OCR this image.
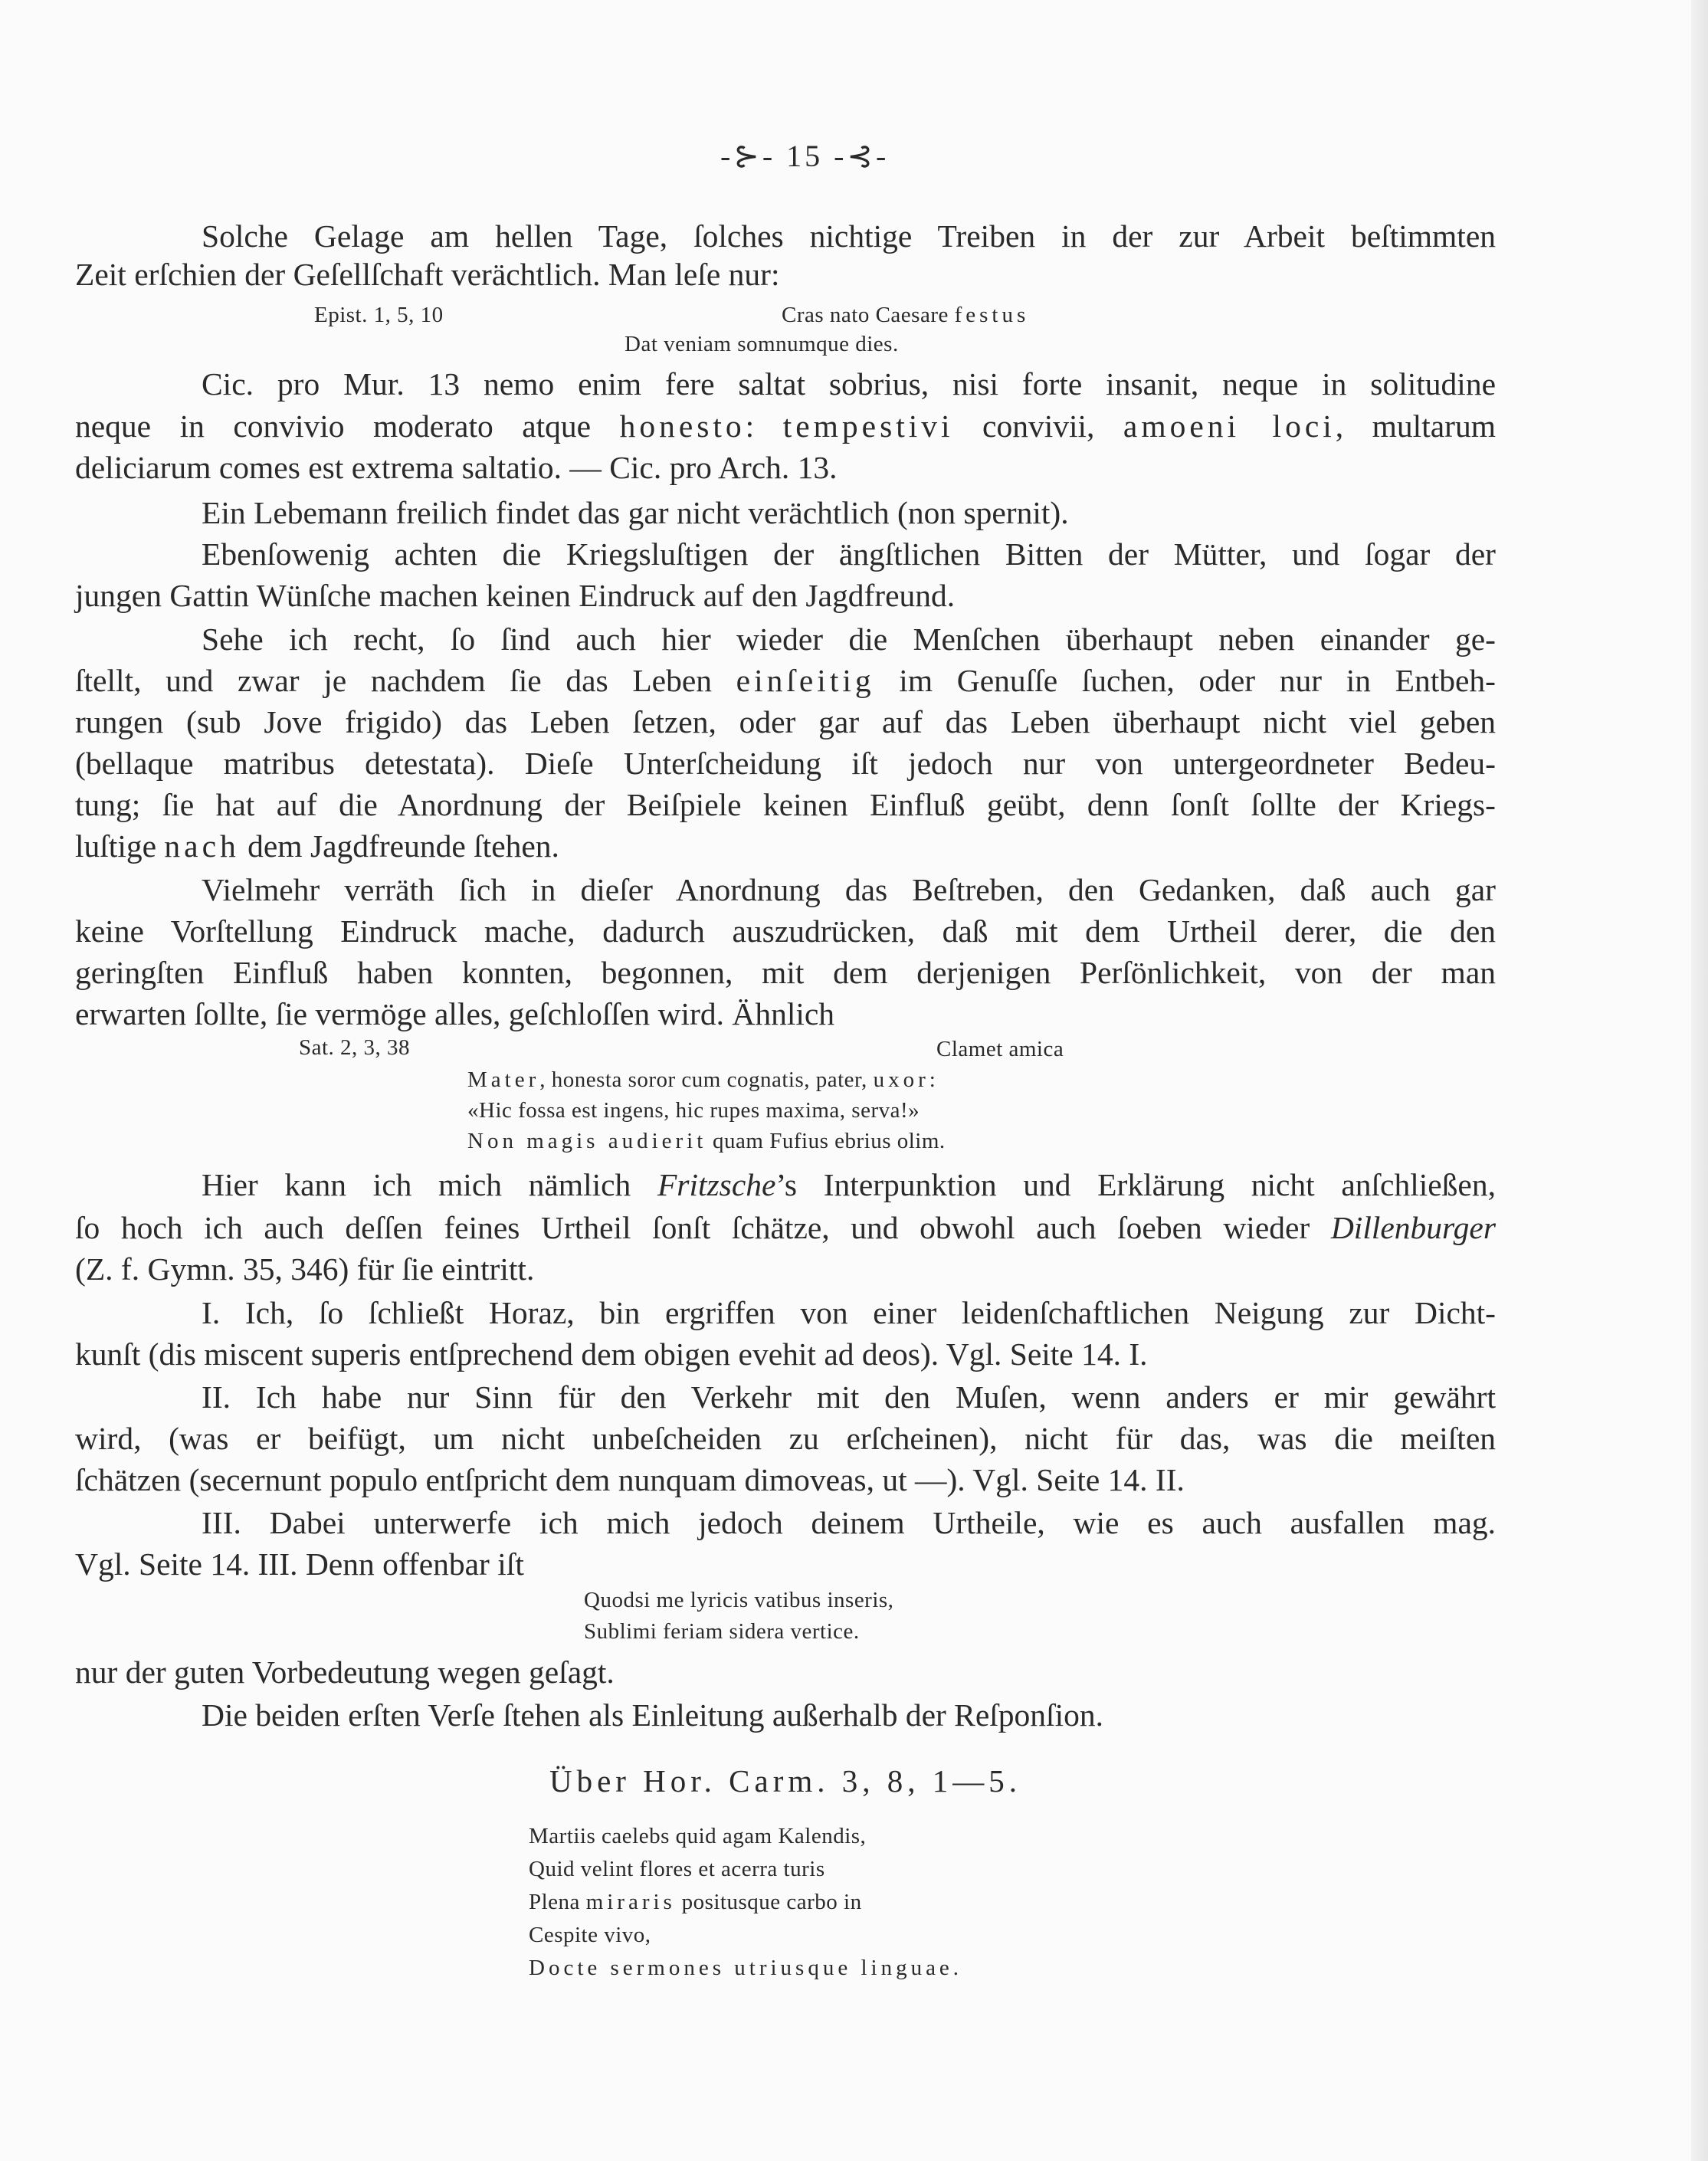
-⊱- 15 -⊰-
Solche Gelage am hellen Tage, ſolches nichtige Treiben in der zur Arbeit beſtimmten
Zeit erſchien der Geſellſchaft verächtlich. Man leſe nur:
Epist. 1, 5, 10	Cras nato Caesare festus
Dat veniam somnumque dies.
Cic. pro Mur. 13 nemo enim fere saltat sobrius, nisi forte insanit, neque in solitudine
neque in convivio moderato atque honesto: tempestivi convivii, amoeni loci, multarum
deliciarum comes est extrema saltatio. — Cic. pro Arch. 13.
Ein Lebemann freilich findet das gar nicht verächtlich (non spernit).
Ebenſowenig achten die Kriegsluſtigen der ängſtlichen Bitten der Mütter, und ſogar der
jungen Gattin Wünſche machen keinen Eindruck auf den Jagdfreund.
Sehe ich recht, ſo ſind auch hier wieder die Menſchen überhaupt neben einander ge-
ſtellt, und zwar je nachdem ſie das Leben einſeitig im Genuſſe ſuchen, oder nur in Entbeh-
rungen (sub Jove frigido) das Leben ſetzen, oder gar auf das Leben überhaupt nicht viel geben
(bellaque matribus detestata). Dieſe Unterſcheidung iſt jedoch nur von untergeordneter Bedeu-
tung; ſie hat auf die Anordnung der Beiſpiele keinen Einfluß geübt, denn ſonſt ſollte der Kriegs-
luſtige nach dem Jagdfreunde ſtehen.
Vielmehr verräth ſich in dieſer Anordnung das Beſtreben, den Gedanken, daß auch gar
keine Vorſtellung Eindruck mache, dadurch auszudrücken, daß mit dem Urtheil derer, die den
geringſten Einfluß haben konnten, begonnen, mit dem derjenigen Perſönlichkeit, von der man
erwarten ſollte, ſie vermöge alles, geſchloſſen wird. Ähnlich
Sat. 2, 3, 38	Clamet amica
Mater, honesta soror cum cognatis, pater, uxor:
«Hic fossa est ingens, hic rupes maxima, serva!»
Non magis audierit quam Fufius ebrius olim.
Hier kann ich mich nämlich Fritzsche’s Interpunktion und Erklärung nicht anſchließen,
ſo hoch ich auch deſſen feines Urtheil ſonſt ſchätze, und obwohl auch ſoeben wieder Dillenburger
(Z. f. Gymn. 35, 346) für ſie eintritt.
I. Ich, ſo ſchließt Horaz, bin ergriffen von einer leidenſchaftlichen Neigung zur Dicht-
kunſt (dis miscent superis entſprechend dem obigen evehit ad deos). Vgl. Seite 14. I.
II. Ich habe nur Sinn für den Verkehr mit den Muſen, wenn anders er mir gewährt
wird, (was er beifügt, um nicht unbeſcheiden zu erſcheinen), nicht für das, was die meiſten
ſchätzen (secernunt populo entſpricht dem nunquam dimoveas, ut —). Vgl. Seite 14. II.
III. Dabei unterwerfe ich mich jedoch deinem Urtheile, wie es auch ausfallen mag.
Vgl. Seite 14. III. Denn offenbar iſt
Quodsi me lyricis vatibus inseris,
Sublimi feriam sidera vertice.
nur der guten Vorbedeutung wegen geſagt.
Die beiden erſten Verſe ſtehen als Einleitung außerhalb der Reſponſion.
Über Hor. Carm. 3, 8, 1—5.
Martiis caelebs quid agam Kalendis,
Quid velint flores et acerra turis
Plena miraris positusque carbo in
Cespite vivo,
Docte sermones utriusque linguae.
